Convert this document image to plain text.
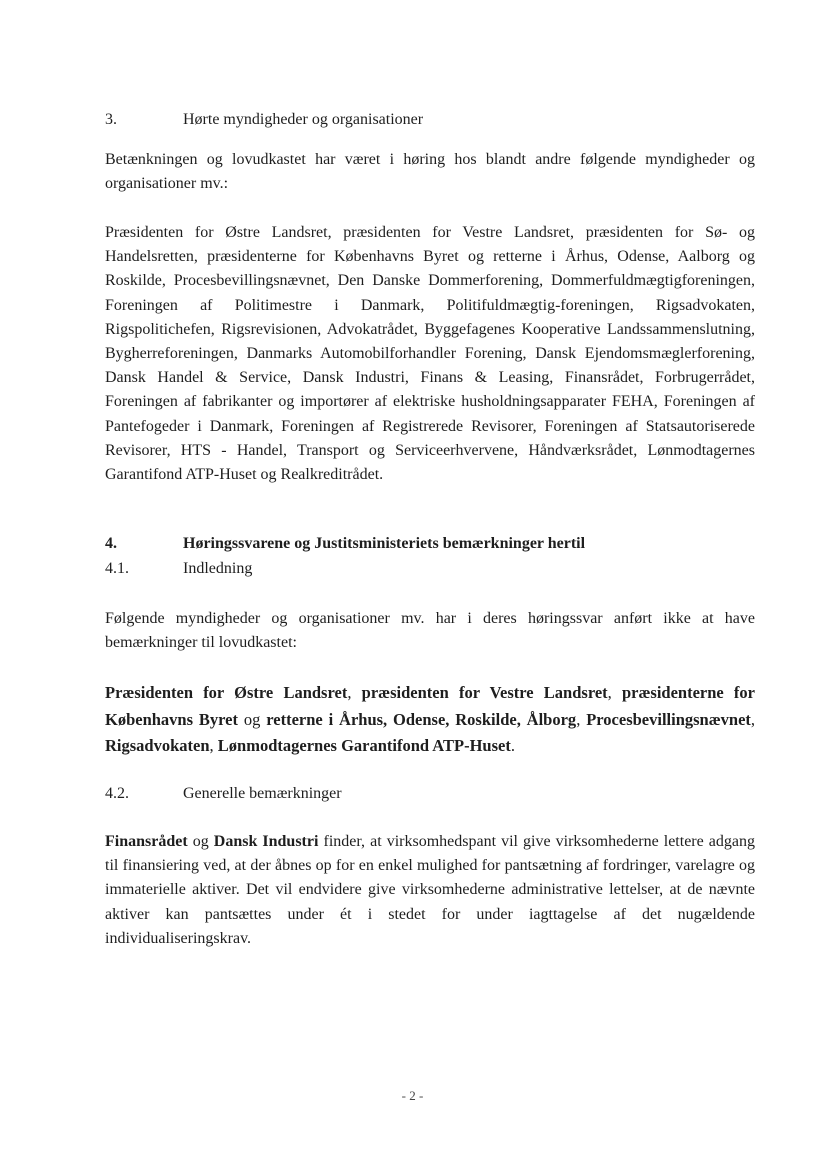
3.	Hørte myndigheder og organisationer

Betænkningen og lovudkastet har været i høring hos blandt andre følgende myndigheder og organisationer mv.:

Præsidenten for Østre Landsret, præsidenten for Vestre Landsret, præsidenten for Sø- og Handelsretten, præsidenterne for Københavns Byret og retterne i Århus, Odense, Aalborg og Roskilde, Procesbevillingsnævnet, Den Danske Dommerforening, Dommerfuldmægtigforeningen, Foreningen af Politimestre i Danmark, Politifuldmægtig-foreningen, Rigsadvokaten, Rigspolitichefen, Rigsrevisionen, Advokatrådet, Byggefagenes Kooperative Landssammenslutning, Bygherreforeningen, Danmarks Automobilforhandler Forening, Dansk Ejendomsmæglerforening, Dansk Handel & Service, Dansk Industri, Finans & Leasing, Finansrådet, Forbrugerrådet, Foreningen af fabrikanter og importører af elektriske husholdningsapparater FEHA, Foreningen af Pantefogeder i Danmark, Foreningen af Registrerede Revisorer, Foreningen af Statsautoriserede Revisorer, HTS - Handel, Transport og Serviceerhvervene, Håndværksrådet, Lønmodtagernes Garantifond ATP-Huset og Realkreditrådet.

4.	Høringssvarene og Justitsministeriets bemærkninger hertil
4.1.	Indledning

Følgende myndigheder og organisationer mv. har i deres høringssvar anført ikke at have bemærkninger til lovudkastet:

Præsidenten for Østre Landsret, præsidenten for Vestre Landsret, præsidenterne for Københavns Byret og retterne i Århus, Odense, Roskilde, Ålborg, Procesbevillingsnævnet, Rigsadvokaten, Lønmodtagernes Garantifond ATP-Huset.

4.2.	Generelle bemærkninger

Finansrådet og Dansk Industri finder, at virksomhedspant vil give virksomhederne lettere adgang til finansiering ved, at der åbnes op for en enkel mulighed for pantsætning af fordringer, varelagre og immaterielle aktiver. Det vil endvidere give virksomhederne administrative lettelser, at de nævnte aktiver kan pantsættes under ét i stedet for under iagttagelse af det nugældende individualiseringskrav.

- 2 -
